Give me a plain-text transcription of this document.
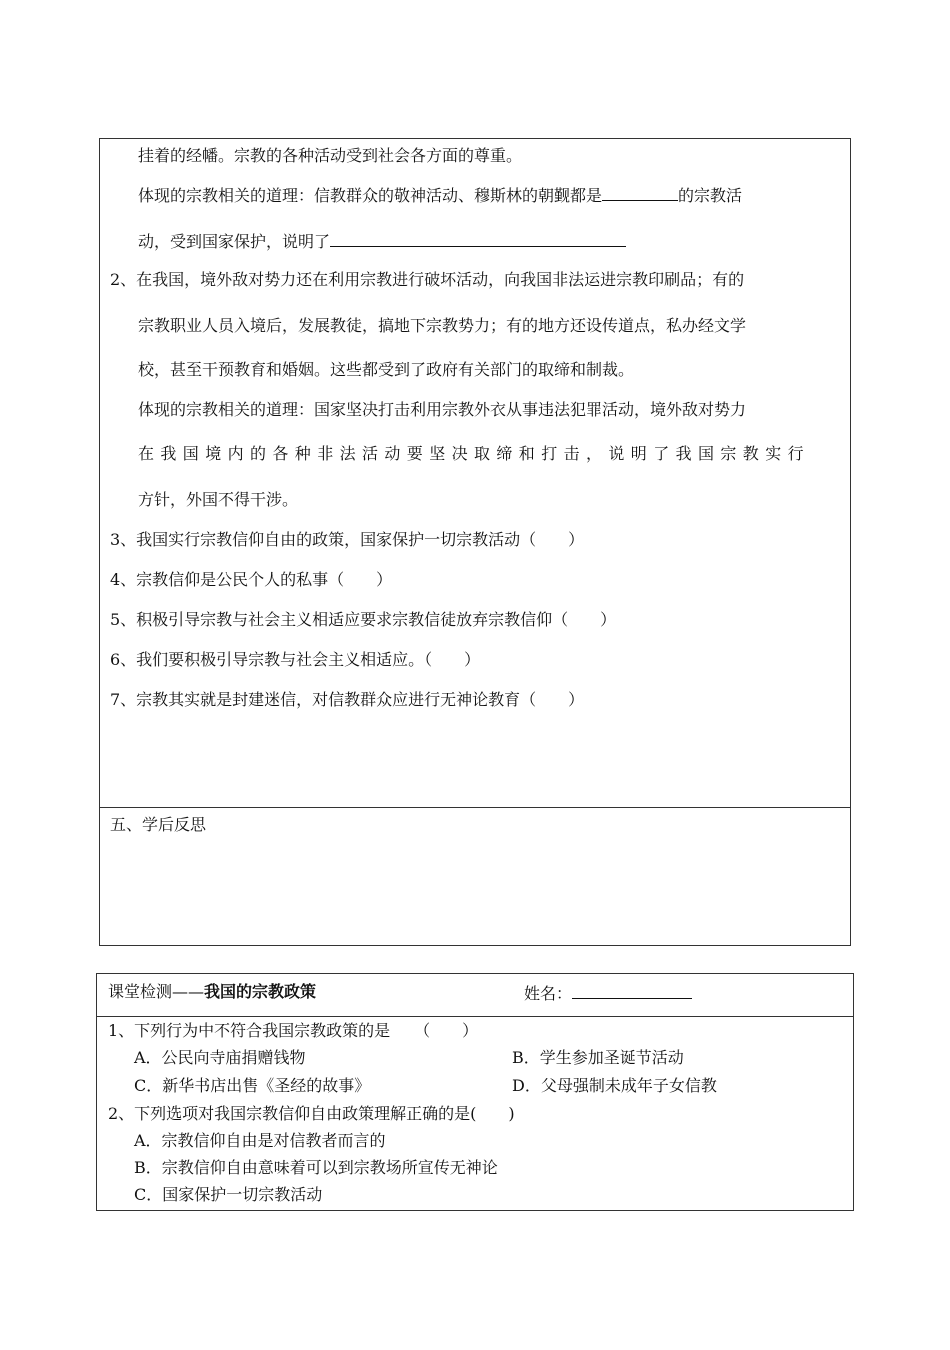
挂着的经幡。宗教的各种活动受到社会各方面的尊重。
体现的宗教相关的道理：信教群众的敬神活动、穆斯林的朝觐都是	的宗教活
动，受到国家保护，说明了
2、在我国，境外敌对势力还在利用宗教进行破坏活动，向我国非法运进宗教印刷品；有的
宗教职业人员入境后，发展教徒，搞地下宗教势力；有的地方还设传道点，私办经文学
校，甚至干预教育和婚姻。这些都受到了政府有关部门的取缔和制裁。
体现的宗教相关的道理：国家坚决打击利用宗教外衣从事违法犯罪活动，境外敌对势力
在我国境内的各种非法活动要坚决取缔和打击，说明了我国宗教实行
方针，外国不得干涉。
3、我国实行宗教信仰自由的政策，国家保护一切宗教活动（　　）
4、宗教信仰是公民个人的私事（　　）
5、积极引导宗教与社会主义相适应要求宗教信徒放弃宗教信仰（　　）
6、我们要积极引导宗教与社会主义相适应。（　　）
7、宗教其实就是封建迷信，对信教群众应进行无神论教育（　　）
五、学后反思
课堂检测——我国的宗教政策	姓名：
1、下列行为中不符合我国宗教政策的是　　（　　）
A．公民向寺庙捐赠钱物	B．学生参加圣诞节活动
C．新华书店出售《圣经的故事》	D．父母强制未成年子女信教
2、下列选项对我国宗教信仰自由政策理解正确的是(　　)
A．宗教信仰自由是对信教者而言的
B．宗教信仰自由意味着可以到宗教场所宣传无神论
C．国家保护一切宗教活动
